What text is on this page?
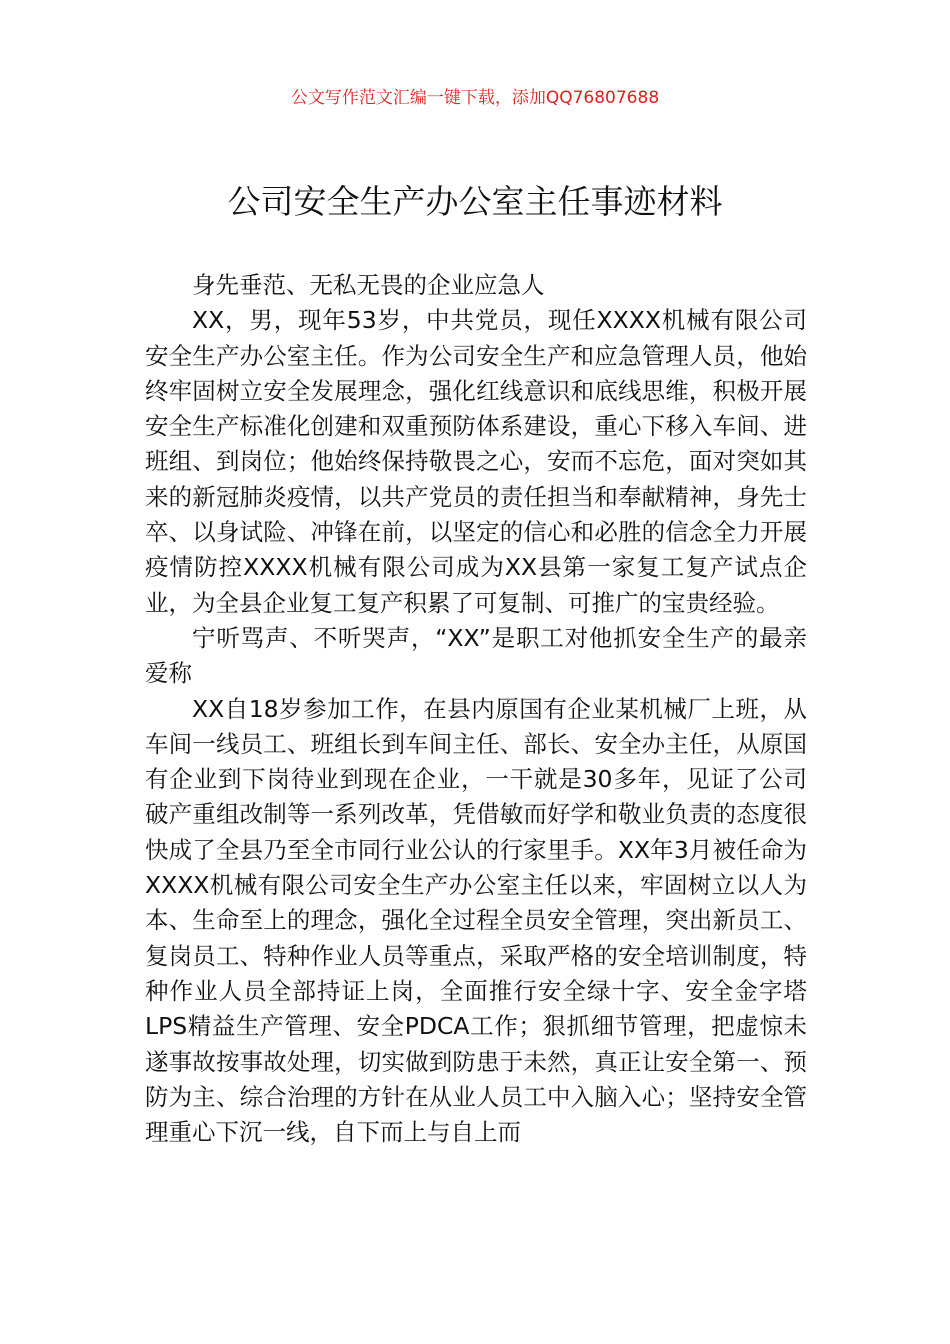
公文写作范文汇编一键下载，添加QQ76807688
公司安全生产办公室主任事迹材料

身先垂范、无私无畏的企业应急人

XX，男，现年53岁，中共党员，现任XXXX机械有限公司安全生产办公室主任。作为公司安全生产和应急管理人员，他始终牢固树立安全发展理念，强化红线意识和底线思维，积极开展安全生产标准化创建和双重预防体系建设，重心下移入车间、进班组、到岗位；他始终保持敬畏之心，安而不忘危，面对突如其来的新冠肺炎疫情，以共产党员的责任担当和奉献精神，身先士卒、以身试险、冲锋在前，以坚定的信心和必胜的信念全力开展疫情防控XXXX机械有限公司成为XX县第一家复工复产试点企业，为全县企业复工复产积累了可复制、可推广的宝贵经验。

宁听骂声、不听哭声，“XX”是职工对他抓安全生产的最亲爱称

XX自18岁参加工作，在县内原国有企业某机械厂上班，从车间一线员工、班组长到车间主任、部长、安全办主任，从原国有企业到下岗待业到现在企业，一干就是30多年，见证了公司破产重组改制等一系列改革，凭借敏而好学和敬业负责的态度很快成了全县乃至全市同行业公认的行家里手。XX年3月被任命为XXXX机械有限公司安全生产办公室主任以来，牢固树立以人为本、生命至上的理念，强化全过程全员安全管理，突出新员工、复岗员工、特种作业人员等重点，采取严格的安全培训制度，特种作业人员全部持证上岗，全面推行安全绿十字、安全金字塔LPS精益生产管理、安全PDCA工作；狠抓细节管理，把虚惊未遂事故按事故处理，切实做到防患于未然，真正让安全第一、预防为主、综合治理的方针在从业人员工中入脑入心；坚持安全管理重心下沉一线，自下而上与自上而
